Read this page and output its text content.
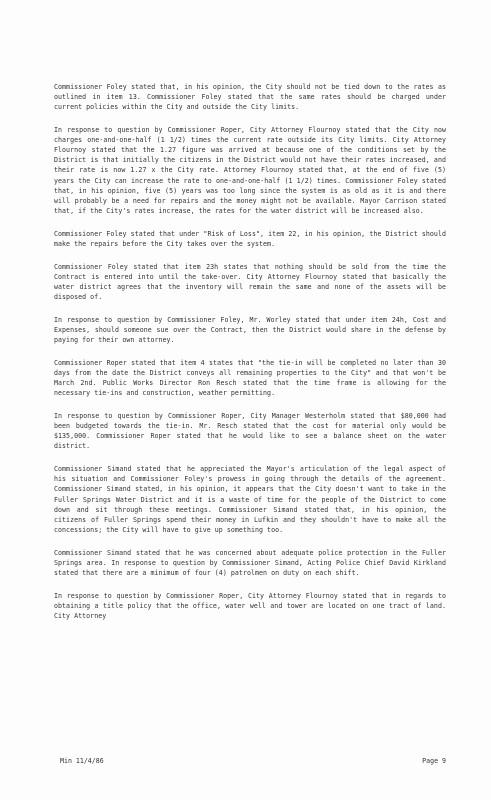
Commissioner Foley stated that, in his opinion, the City should not be tied down to the rates as outlined in item 13. Commissioner Foley stated that the same rates should be charged under current policies within the City and outside the City limits.

In response to question by Commissioner Roper, City Attorney Flournoy stated that the City now charges one-and-one-half (1 1/2) times the current rate outside its City limits. City Attorney Flournoy stated that the 1.27 figure was arrived at because one of the conditions set by the District is that initially the citizens in the District would not have their rates increased, and their rate is now 1.27 x the City rate. Attorney Flournoy stated that, at the end of five (5) years the City can increase the rate to one-and-one-half (1 1/2) times. Commissioner Foley stated that, in his opinion, five (5) years was too long since the system is as old as it is and there will probably be a need for repairs and the money might not be available. Mayor Carrison stated that, if the City's rates increase, the rates for the water district will be increased also.

Commissioner Foley stated that under "Risk of Loss", item 22, in his opinion, the District should make the repairs before the City takes over the system.

Commissioner Foley stated that item 23h states that nothing should be sold from the time the Contract is entered into until the take-over. City Attorney Flournoy stated that basically the water district agrees that the inventory will remain the same and none of the assets will be disposed of.

In response to question by Commissioner Foley, Mr. Worley stated that under item 24h, Cost and Expenses, should someone sue over the Contract, then the District would share in the defense by paying for their own attorney.

Commissioner Roper stated that item 4 states that "the tie-in will be completed no later than 30 days from the date the District conveys all remaining properties to the City" and that won't be March 2nd. Public Works Director Ron Resch stated that the time frame is allowing for the necessary tie-ins and construction, weather permitting.

In response to question by Commissioner Roper, City Manager Westerholm stated that $80,000 had been budgeted towards the tie-in. Mr. Resch stated that the cost for material only would be $135,000. Commissioner Roper stated that he would like to see a balance sheet on the water district.

Commissioner Simand stated that he appreciated the Mayor's articulation of the legal aspect of his situation and Commissioner Foley's prowess in going through the details of the agreement. Commissioner Simand stated, in his opinion, it appears that the City doesn't want to take in the Fuller Springs Water District and it is a waste of time for the people of the District to come down and sit through these meetings. Commissioner Simand stated that, in his opinion, the citizens of Fuller Springs spend their money in Lufkin and they shouldn't have to make all the concessions; the City will have to give up something too.

Commissioner Simand stated that he was concerned about adequate police protection in the Fuller Springs area. In response to question by Commissioner Simand, Acting Police Chief David Kirkland stated that there are a minimum of four (4) patrolmen on duty on each shift.

In response to question by Commissioner Roper, City Attorney Flournoy stated that in regards to obtaining a title policy that the office, water well and tower are located on one tract of land. City Attorney

Min 11/4/86	Page 9
